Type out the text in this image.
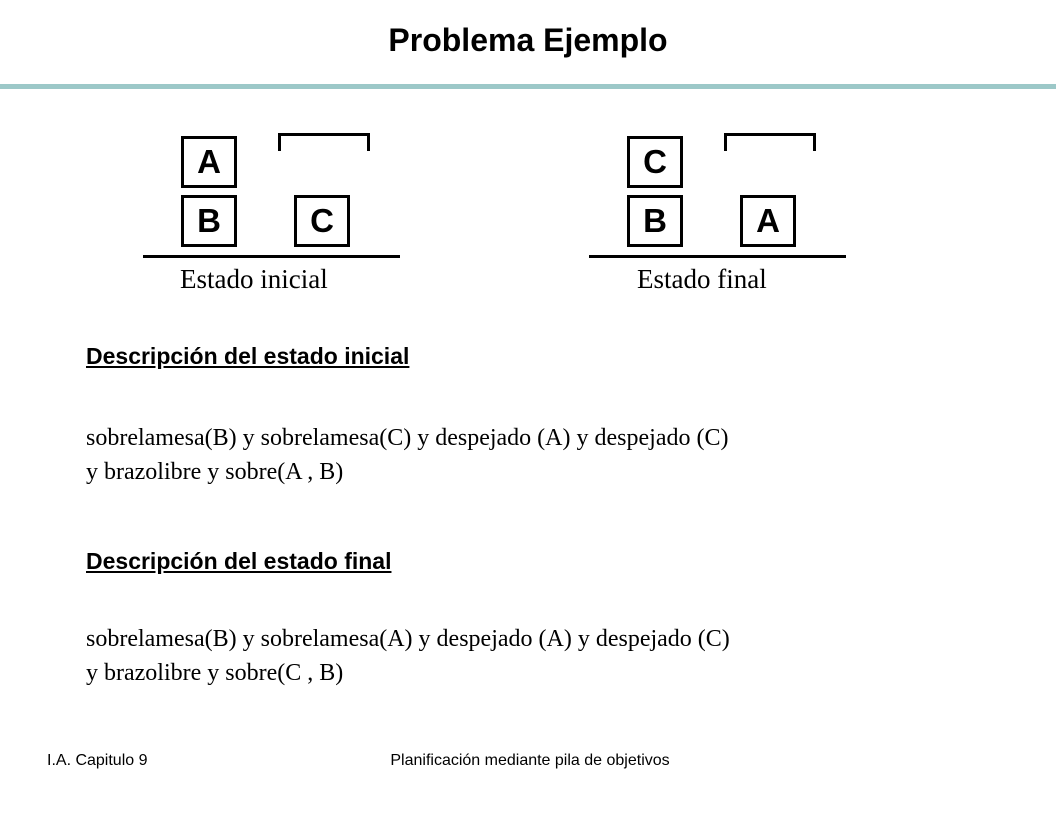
Problema Ejemplo
A
B	C
Estado inicial
C
B	A
Estado final
Descripción del estado inicial
sobrelamesa(B) y sobrelamesa(C) y despejado (A) y despejado (C)
y brazolibre y sobre(A , B)
Descripción del estado final
sobrelamesa(B) y sobrelamesa(A) y despejado (A) y despejado (C)
y brazolibre y sobre(C , B)
I.A. Capitulo 9	Planificación mediante pila de objetivos
